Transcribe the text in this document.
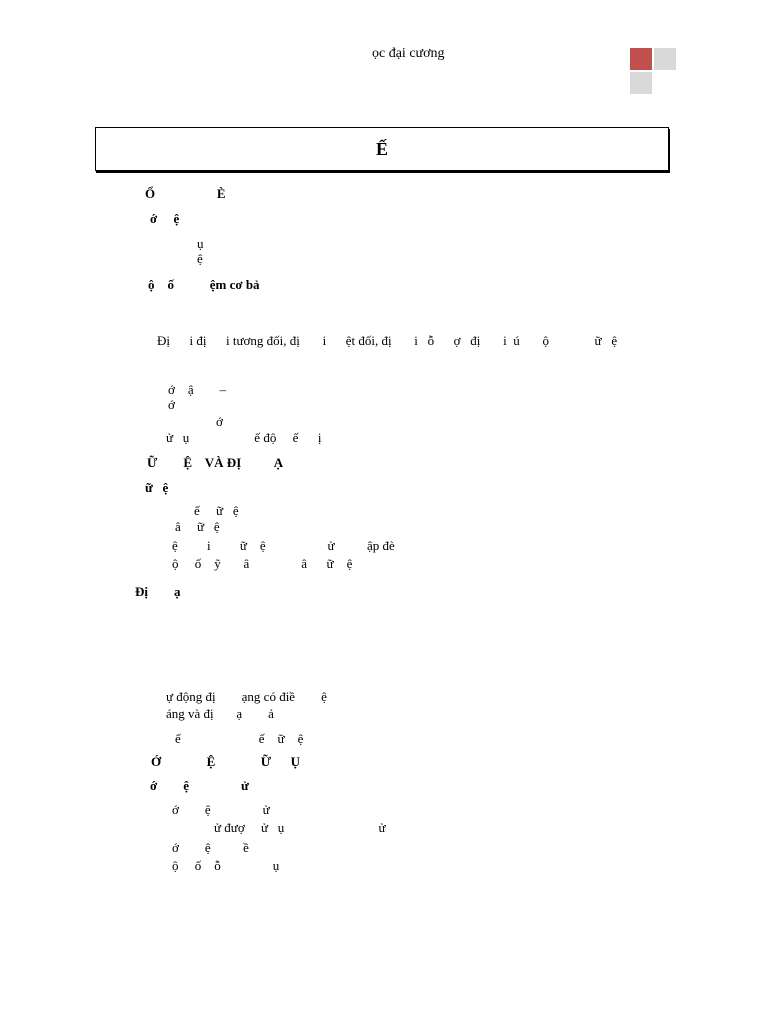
ọc đại cương
Ế
Ổ                   È
ớ     ệ
ụ
ệ
ộ    ố           ệm cơ bả
Đị      i đị      i tương đối, đị       i      ệt đối, đị       i   ỗ      ợ   đị       i  ú       ộ              ữ   ệ
ớ    ậ        –
ớ
ớ
ử   ụ                    ế độ     ế      ị
Ữ        Ệ    VÀ ĐỊ          Ạ
ữ   ệ
ế     ữ   ệ
â     ữ   ệ
ệ         i         ữ    ệ                   ử          ập đè
ộ     ố    ỹ       â                â      ữ    ệ
Đị        ạ
ự động đị        ạng có điề        ệ
áng và đị       ạ        ả
ế                        ế    ữ    ệ
Ớ              Ệ              Ữ      Ụ
ớ        ệ                ử
ớ        ệ                ử
ử đượ     ử   ụ                             ử
ớ        ệ          ề
ộ     ố    ỗ                ụ
